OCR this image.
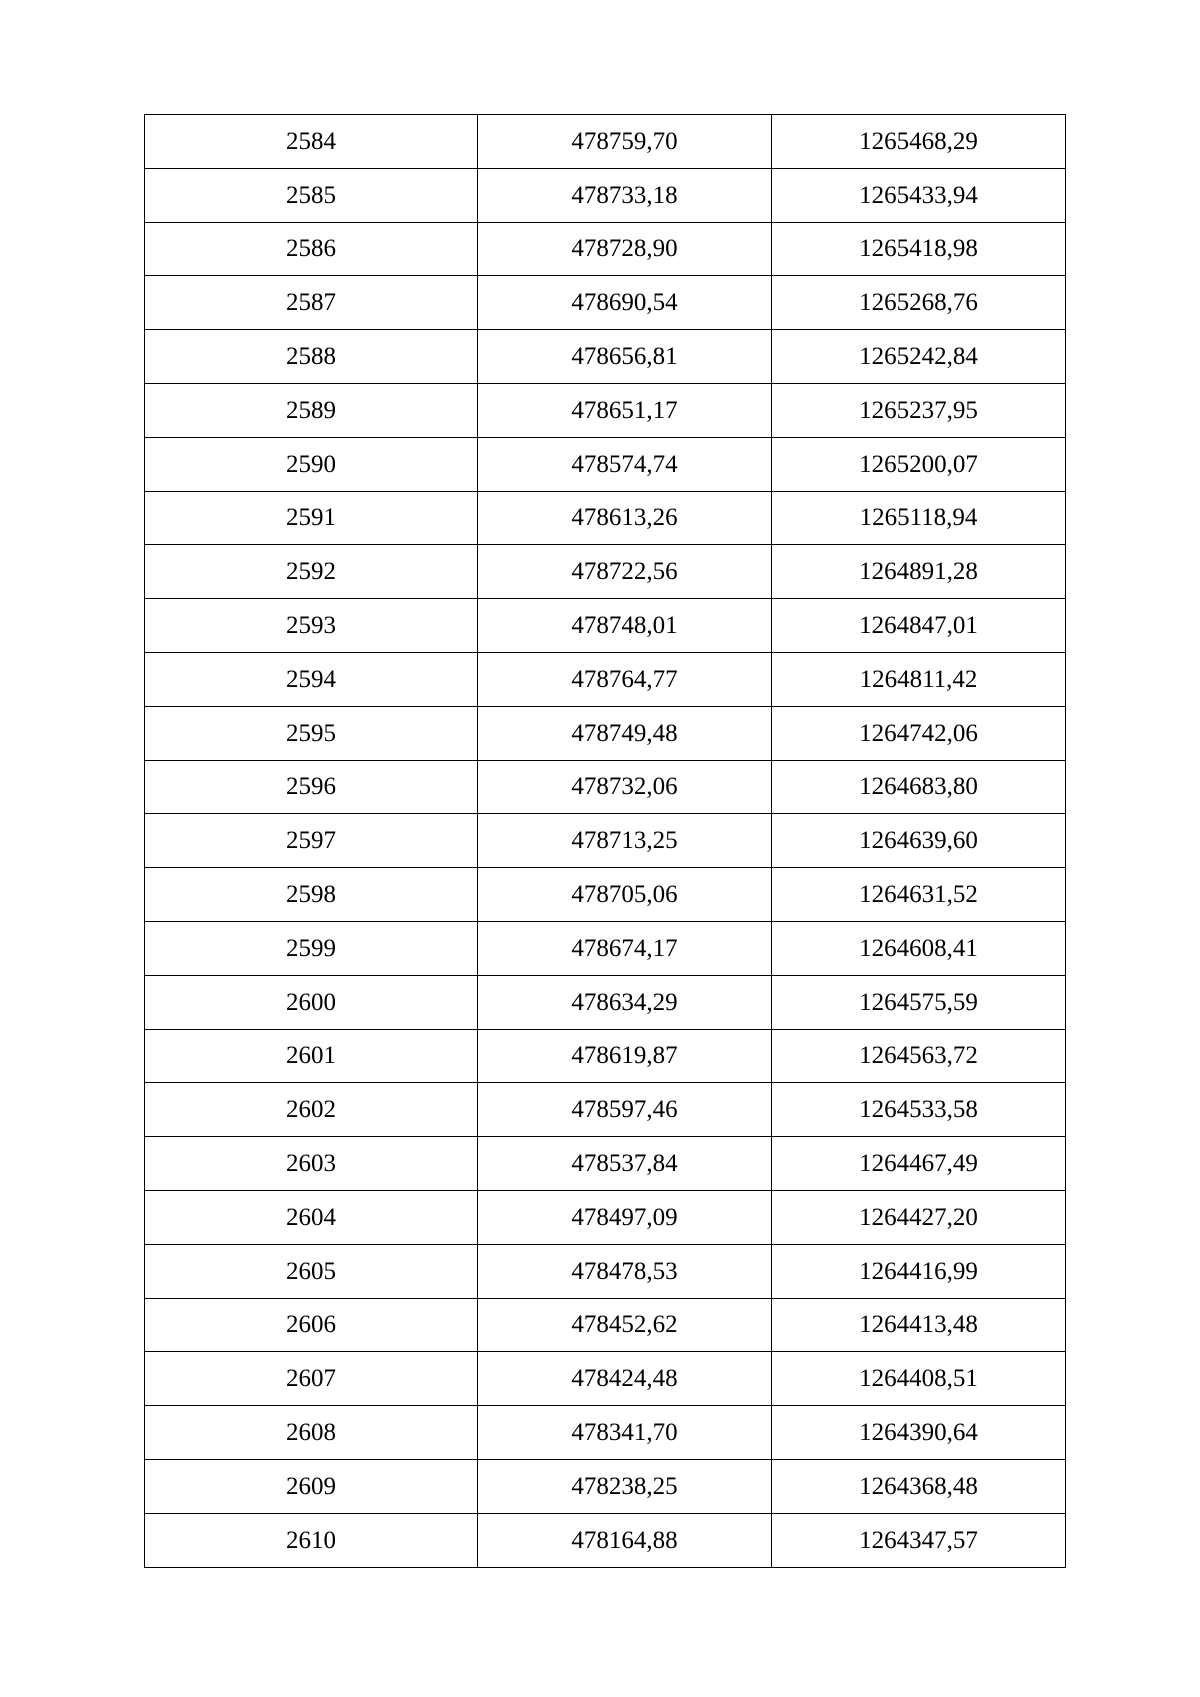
2584	478759,70	1265468,29
2585	478733,18	1265433,94
2586	478728,90	1265418,98
2587	478690,54	1265268,76
2588	478656,81	1265242,84
2589	478651,17	1265237,95
2590	478574,74	1265200,07
2591	478613,26	1265118,94
2592	478722,56	1264891,28
2593	478748,01	1264847,01
2594	478764,77	1264811,42
2595	478749,48	1264742,06
2596	478732,06	1264683,80
2597	478713,25	1264639,60
2598	478705,06	1264631,52
2599	478674,17	1264608,41
2600	478634,29	1264575,59
2601	478619,87	1264563,72
2602	478597,46	1264533,58
2603	478537,84	1264467,49
2604	478497,09	1264427,20
2605	478478,53	1264416,99
2606	478452,62	1264413,48
2607	478424,48	1264408,51
2608	478341,70	1264390,64
2609	478238,25	1264368,48
2610	478164,88	1264347,57
